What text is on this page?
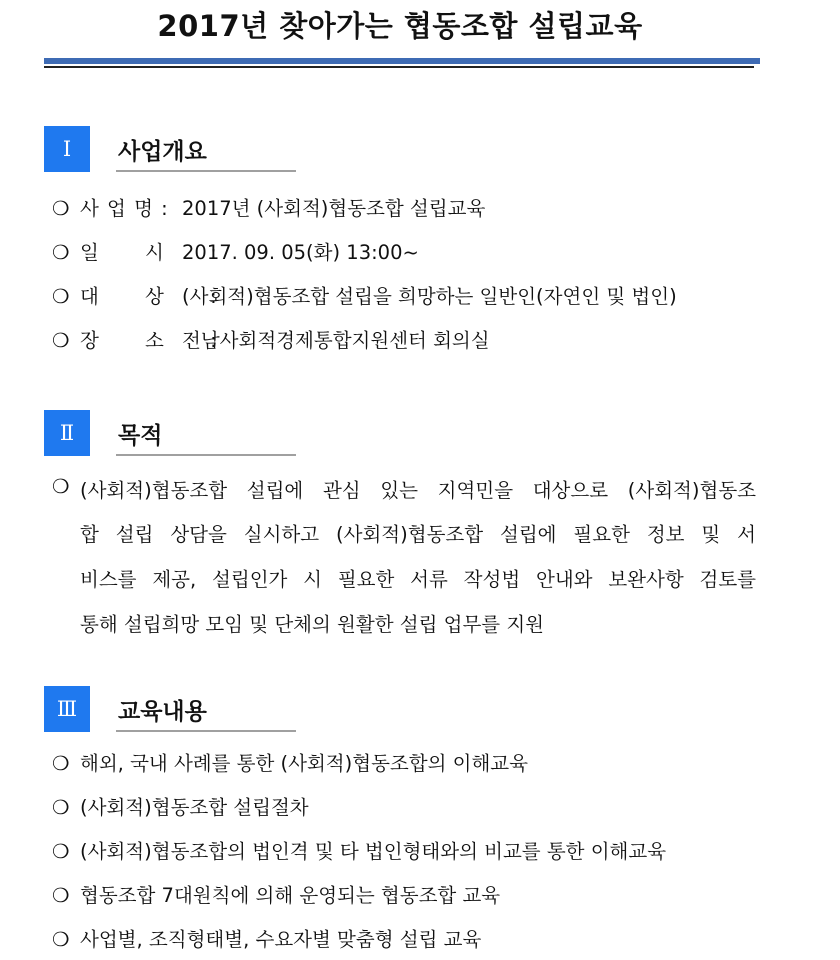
2017년 찾아가는 협동조합 설립교육
Ⅰ	사업개요
❍ 사 업 명 : 2017년 (사회적)협동조합 설립교육
❍ 일 시 :2017. 09. 05(화) 13:00~
❍ 대 상 :(사회적)협동조합 설립을 희망하는 일반인(자연인 및 법인)
❍ 장 소 :전남사회적경제통합지원센터 회의실
Ⅱ	목적
❍ (사회적)협동조합 설립에 관심 있는 지역민을 대상으로 (사회적)협동조
합 설립 상담을 실시하고 (사회적)협동조합 설립에 필요한 정보 및 서
비스를 제공, 설립인가 시 필요한 서류 작성법 안내와 보완사항 검토를
통해 설립희망 모임 및 단체의 원활한 설립 업무를 지원
Ⅲ	교육내용
❍ 해외, 국내 사례를 통한 (사회적)협동조합의 이해교육
❍ (사회적)협동조합 설립절차
❍ (사회적)협동조합의 법인격 및 타 법인형태와의 비교를 통한 이해교육
❍ 협동조합 7대원칙에 의해 운영되는 협동조합 교육
❍ 사업별, 조직형태별, 수요자별 맞춤형 설립 교육
